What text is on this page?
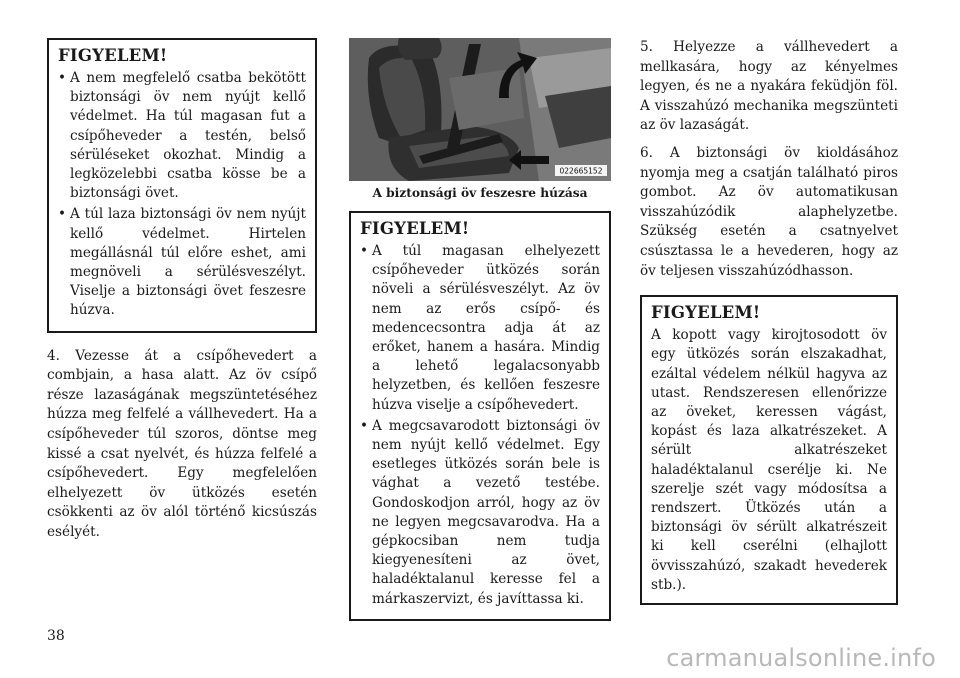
FIGYELEM!
• A nem megfelelő csatba bekötött biztonsági öv nem nyújt kellő védelmet. Ha túl magasan fut a csípőheveder a testén, belső sérüléseket okozhat. Mindig a legközelebbi csatba kösse be a biztonsági övet.
• A túl laza biztonsági öv nem nyújt kellő védelmet. Hirtelen megállásnál túl előre eshet, ami megnöveli a sérülésveszélyt. Viselje a biztonsági övet feszesre húzva.

4. Vezesse át a csípőhevedert a combjain, a hasa alatt. Az öv csípő része lazaságának megszüntetéséhez húzza meg felfelé a vállhevedert. Ha a csípőheveder túl szoros, döntse meg kissé a csat nyelvét, és húzza felfelé a csípőhevedert. Egy megfelelően elhelyezett öv ütközés esetén csökkenti az öv alól történő kicsúszás esélyét.

022665152
A biztonsági öv feszesre húzása
FIGYELEM!
• A túl magasan elhelyezett csípőheveder ütközés során növeli a sérülésveszélyt. Az öv nem az erős csípő- és medencecsontra adja át az erőket, hanem a hasára. Mindig a lehető legalacsonyabb helyzetben, és kellően feszesre húzva viselje a csípőhevedert.
• A megcsavarodott biztonsági öv nem nyújt kellő védelmet. Egy esetleges ütközés során bele is vághat a vezető testébe. Gondoskodjon arról, hogy az öv ne legyen megcsavarodva. Ha a gépkocsiban nem tudja kiegyenesíteni az övet, haladéktalanul keresse fel a márkaszervizt, és javíttassa ki.

5. Helyezze a vállhevedert a mellkasára, hogy az kényelmes legyen, és ne a nyakára feküdjön föl. A visszahúzó mechanika megszünteti az öv lazaságát.

6. A biztonsági öv kioldásához nyomja meg a csatján található piros gombot. Az öv automatikusan visszahúzódik alaphelyzetbe. Szükség esetén a csatnyelvet csúsztassa le a hevederen, hogy az öv teljesen visszahúzódhasson.

FIGYELEM!

A kopott vagy kirojtosodott öv egy ütközés során elszakadhat, ezáltal védelem nélkül hagyva az utast. Rendszeresen ellenőrizze az öveket, keressen vágást, kopást és laza alkatrészeket. A sérült alkatrészeket haladéktalanul cserélje ki. Ne szerelje szét vagy módosítsa a rendszert. Ütközés után a biztonsági öv sérült alkatrészeit ki kell cserélni (elhajlott övvisszahúzó, szakadt hevederek stb.).

38
carmanualsonline.info
